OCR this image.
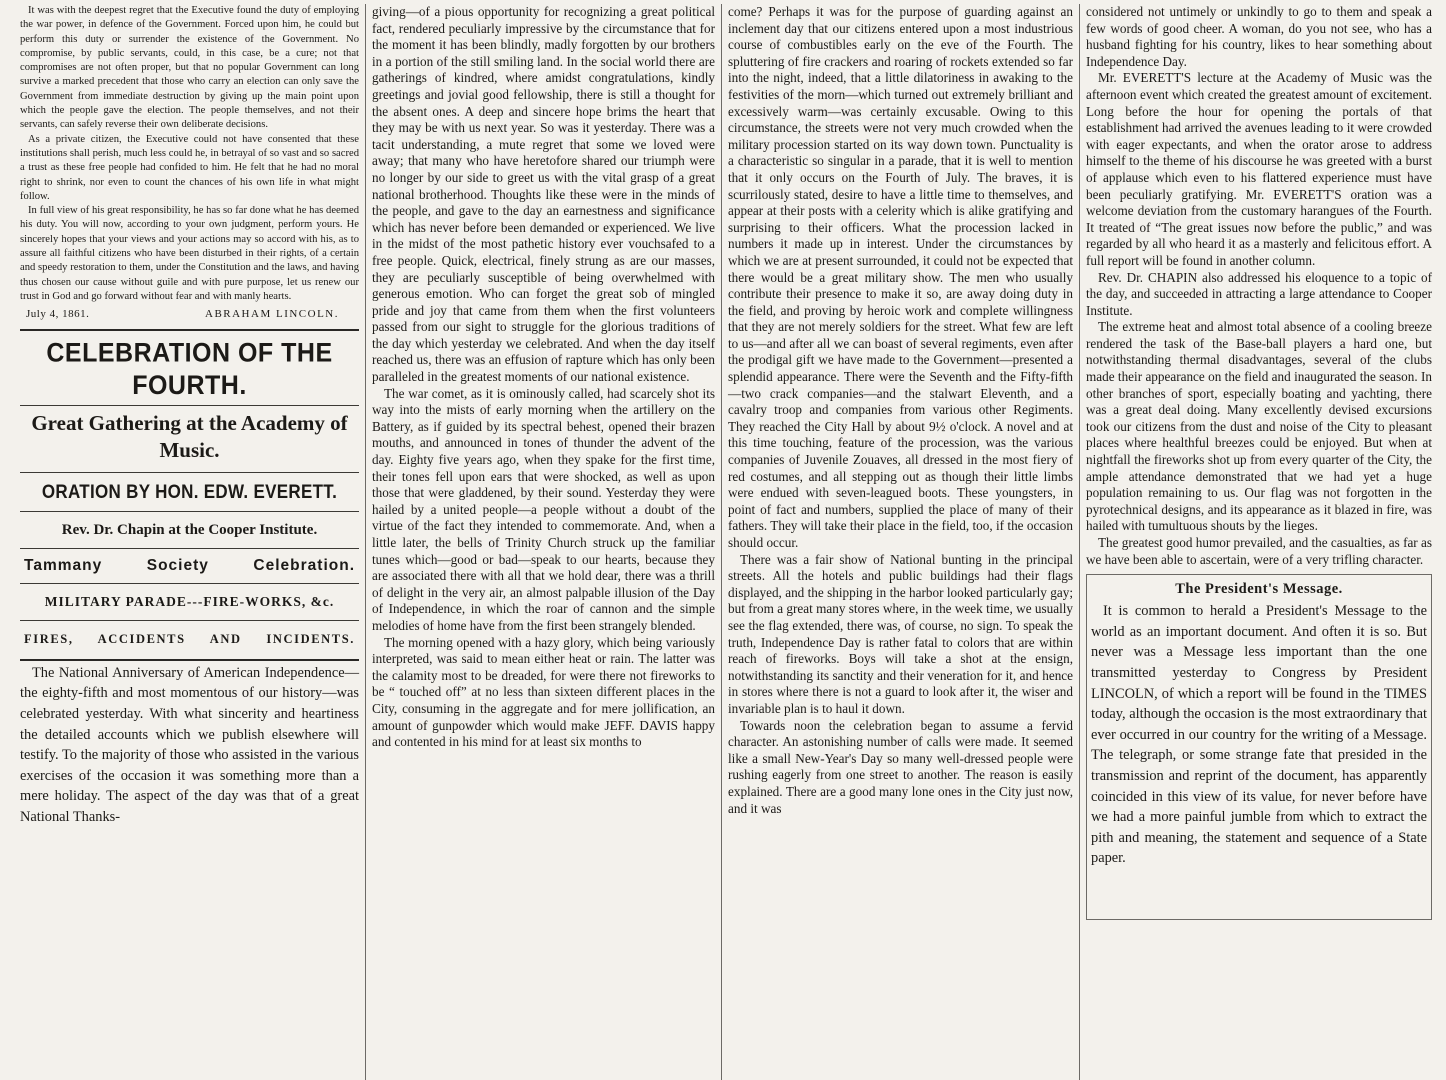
It was with the deepest regret that the Executive found the duty of employing the war power, in defence of the Government. Forced upon him, he could but perform this duty or surrender the existence of the Government. No compromise, by public servants, could, in this case, be a cure; not that compromises are not often proper, but that no popular Government can long survive a marked precedent that those who carry an election can only save the Government from immediate destruction by giving up the main point upon which the people gave the election. The people themselves, and not their servants, can safely reverse their own deliberate decisions.

As a private citizen, the Executive could not have consented that these institutions shall perish, much less could he, in betrayal of so vast and so sacred a trust as these free people had confided to him. He felt that he had no moral right to shrink, nor even to count the chances of his own life in what might follow.

In full view of his great responsibility, he has so far done what he has deemed his duty. You will now, according to your own judgment, perform yours. He sincerely hopes that your views and your actions may so accord with his, as to assure all faithful citizens who have been disturbed in their rights, of a certain and speedy restoration to them, under the Constitution and the laws, and having thus chosen our cause without guile and with pure purpose, let us renew our trust in God and go forward without fear and with manly hearts.

July 4, 1861.	ABRAHAM LINCOLN.
CELEBRATION OF THE FOURTH.
Great Gathering at the Academy of Music.
ORATION BY HON. EDW. EVERETT.
Rev. Dr. Chapin at the Cooper Institute.
Tammany Society Celebration.
MILITARY PARADE---FIRE-WORKS, &c.
FIRES, ACCIDENTS AND INCIDENTS.

The National Anniversary of American Independence—the eighty-fifth and most momentous of our history—was celebrated yesterday. With what sincerity and heartiness the detailed accounts which we publish elsewhere will testify. To the majority of those who assisted in the various exercises of the occasion it was something more than a mere holiday. The aspect of the day was that of a great National Thanks-

giving—of a pious opportunity for recognizing a great political fact, rendered peculiarly impressive by the circumstance that for the moment it has been blindly, madly forgotten by our brothers in a portion of the still smiling land. In the social world there are gatherings of kindred, where amidst congratulations, kindly greetings and jovial good fellowship, there is still a thought for the absent ones. A deep and sincere hope brims the heart that they may be with us next year. So was it yesterday. There was a tacit understanding, a mute regret that some we loved were away; that many who have heretofore shared our triumph were no longer by our side to greet us with the vital grasp of a great national brotherhood. Thoughts like these were in the minds of the people, and gave to the day an earnestness and significance which has never before been demanded or experienced. We live in the midst of the most pathetic history ever vouchsafed to a free people. Quick, electrical, finely strung as are our masses, they are peculiarly susceptible of being overwhelmed with generous emotion. Who can forget the great sob of mingled pride and joy that came from them when the first volunteers passed from our sight to struggle for the glorious traditions of the day which yesterday we celebrated. And when the day itself reached us, there was an effusion of rapture which has only been paralleled in the greatest moments of our national existence.

The war comet, as it is ominously called, had scarcely shot its way into the mists of early morning when the artillery on the Battery, as if guided by its spectral behest, opened their brazen mouths, and announced in tones of thunder the advent of the day. Eighty five years ago, when they spake for the first time, their tones fell upon ears that were shocked, as well as upon those that were gladdened, by their sound. Yesterday they were hailed by a united people—a people without a doubt of the virtue of the fact they intended to commemorate. And, when a little later, the bells of Trinity Church struck up the familiar tunes which—good or bad—speak to our hearts, because they are associated there with all that we hold dear, there was a thrill of delight in the very air, an almost palpable illusion of the Day of Independence, in which the roar of cannon and the simple melodies of home have from the first been strangely blended.

The morning opened with a hazy glory, which being variously interpreted, was said to mean either heat or rain. The latter was the calamity most to be dreaded, for were there not fireworks to be “ touched off” at no less than sixteen different places in the City, consuming in the aggregate and for mere jollification, an amount of gunpowder which would make JEFF. DAVIS happy and contented in his mind for at least six months to

come? Perhaps it was for the purpose of guarding against an inclement day that our citizens entered upon a most industrious course of combustibles early on the eve of the Fourth. The spluttering of fire crackers and roaring of rockets extended so far into the night, indeed, that a little dilatoriness in awaking to the festivities of the morn—which turned out extremely brilliant and excessively warm—was certainly excusable. Owing to this circumstance, the streets were not very much crowded when the military procession started on its way down town. Punctuality is a characteristic so singular in a parade, that it is well to mention that it only occurs on the Fourth of July. The braves, it is scurrilously stated, desire to have a little time to themselves, and appear at their posts with a celerity which is alike gratifying and surprising to their officers. What the procession lacked in numbers it made up in interest. Under the circumstances by which we are at present surrounded, it could not be expected that there would be a great military show. The men who usually contribute their presence to make it so, are away doing duty in the field, and proving by heroic work and complete willingness that they are not merely soldiers for the street. What few are left to us—and after all we can boast of several regiments, even after the prodigal gift we have made to the Government—presented a splendid appearance. There were the Seventh and the Fifty-fifth—two crack companies—and the stalwart Eleventh, and a cavalry troop and companies from various other Regiments. They reached the City Hall by about 9½ o'clock. A novel and at this time touching, feature of the procession, was the various companies of Juvenile Zouaves, all dressed in the most fiery of red costumes, and all stepping out as though their little limbs were endued with seven-leagued boots. These youngsters, in point of fact and numbers, supplied the place of many of their fathers. They will take their place in the field, too, if the occasion should occur.

There was a fair show of National bunting in the principal streets. All the hotels and public buildings had their flags displayed, and the shipping in the harbor looked particularly gay; but from a great many stores where, in the week time, we usually see the flag extended, there was, of course, no sign. To speak the truth, Independence Day is rather fatal to colors that are within reach of fireworks. Boys will take a shot at the ensign, notwithstanding its sanctity and their veneration for it, and hence in stores where there is not a guard to look after it, the wiser and invariable plan is to haul it down.

Towards noon the celebration began to assume a fervid character. An astonishing number of calls were made. It seemed like a small New-Year's Day so many well-dressed people were rushing eagerly from one street to another. The reason is easily explained. There are a good many lone ones in the City just now, and it was

considered not untimely or unkindly to go to them and speak a few words of good cheer. A woman, do you not see, who has a husband fighting for his country, likes to hear something about Independence Day.

Mr. EVERETT'S lecture at the Academy of Music was the afternoon event which created the greatest amount of excitement. Long before the hour for opening the portals of that establishment had arrived the avenues leading to it were crowded with eager expectants, and when the orator arose to address himself to the theme of his discourse he was greeted with a burst of applause which even to his flattered experience must have been peculiarly gratifying. Mr. EVERETT'S oration was a welcome deviation from the customary harangues of the Fourth. It treated of “The great issues now before the public,” and was regarded by all who heard it as a masterly and felicitous effort. A full report will be found in another column.

Rev. Dr. CHAPIN also addressed his eloquence to a topic of the day, and succeeded in attracting a large attendance to Cooper Institute.

The extreme heat and almost total absence of a cooling breeze rendered the task of the Base-ball players a hard one, but notwithstanding thermal disadvantages, several of the clubs made their appearance on the field and inaugurated the season. In other branches of sport, especially boating and yachting, there was a great deal doing. Many excellently devised excursions took our citizens from the dust and noise of the City to pleasant places where healthful breezes could be enjoyed. But when at nightfall the fireworks shot up from every quarter of the City, the ample attendance demonstrated that we had yet a huge population remaining to us. Our flag was not forgotten in the pyrotechnical designs, and its appearance as it blazed in fire, was hailed with tumultuous shouts by the lieges.

The greatest good humor prevailed, and the casualties, as far as we have been able to ascertain, were of a very trifling character.

The President's Message.

It is common to herald a President's Message to the world as an important document. And often it is so. But never was a Message less important than the one transmitted yesterday to Congress by President LINCOLN, of which a report will be found in the TIMES today, although the occasion is the most extraordinary that ever occurred in our country for the writing of a Message. The telegraph, or some strange fate that presided in the transmission and reprint of the document, has apparently coincided in this view of its value, for never before have we had a more painful jumble from which to extract the pith and meaning, the statement and sequence of a State paper.
